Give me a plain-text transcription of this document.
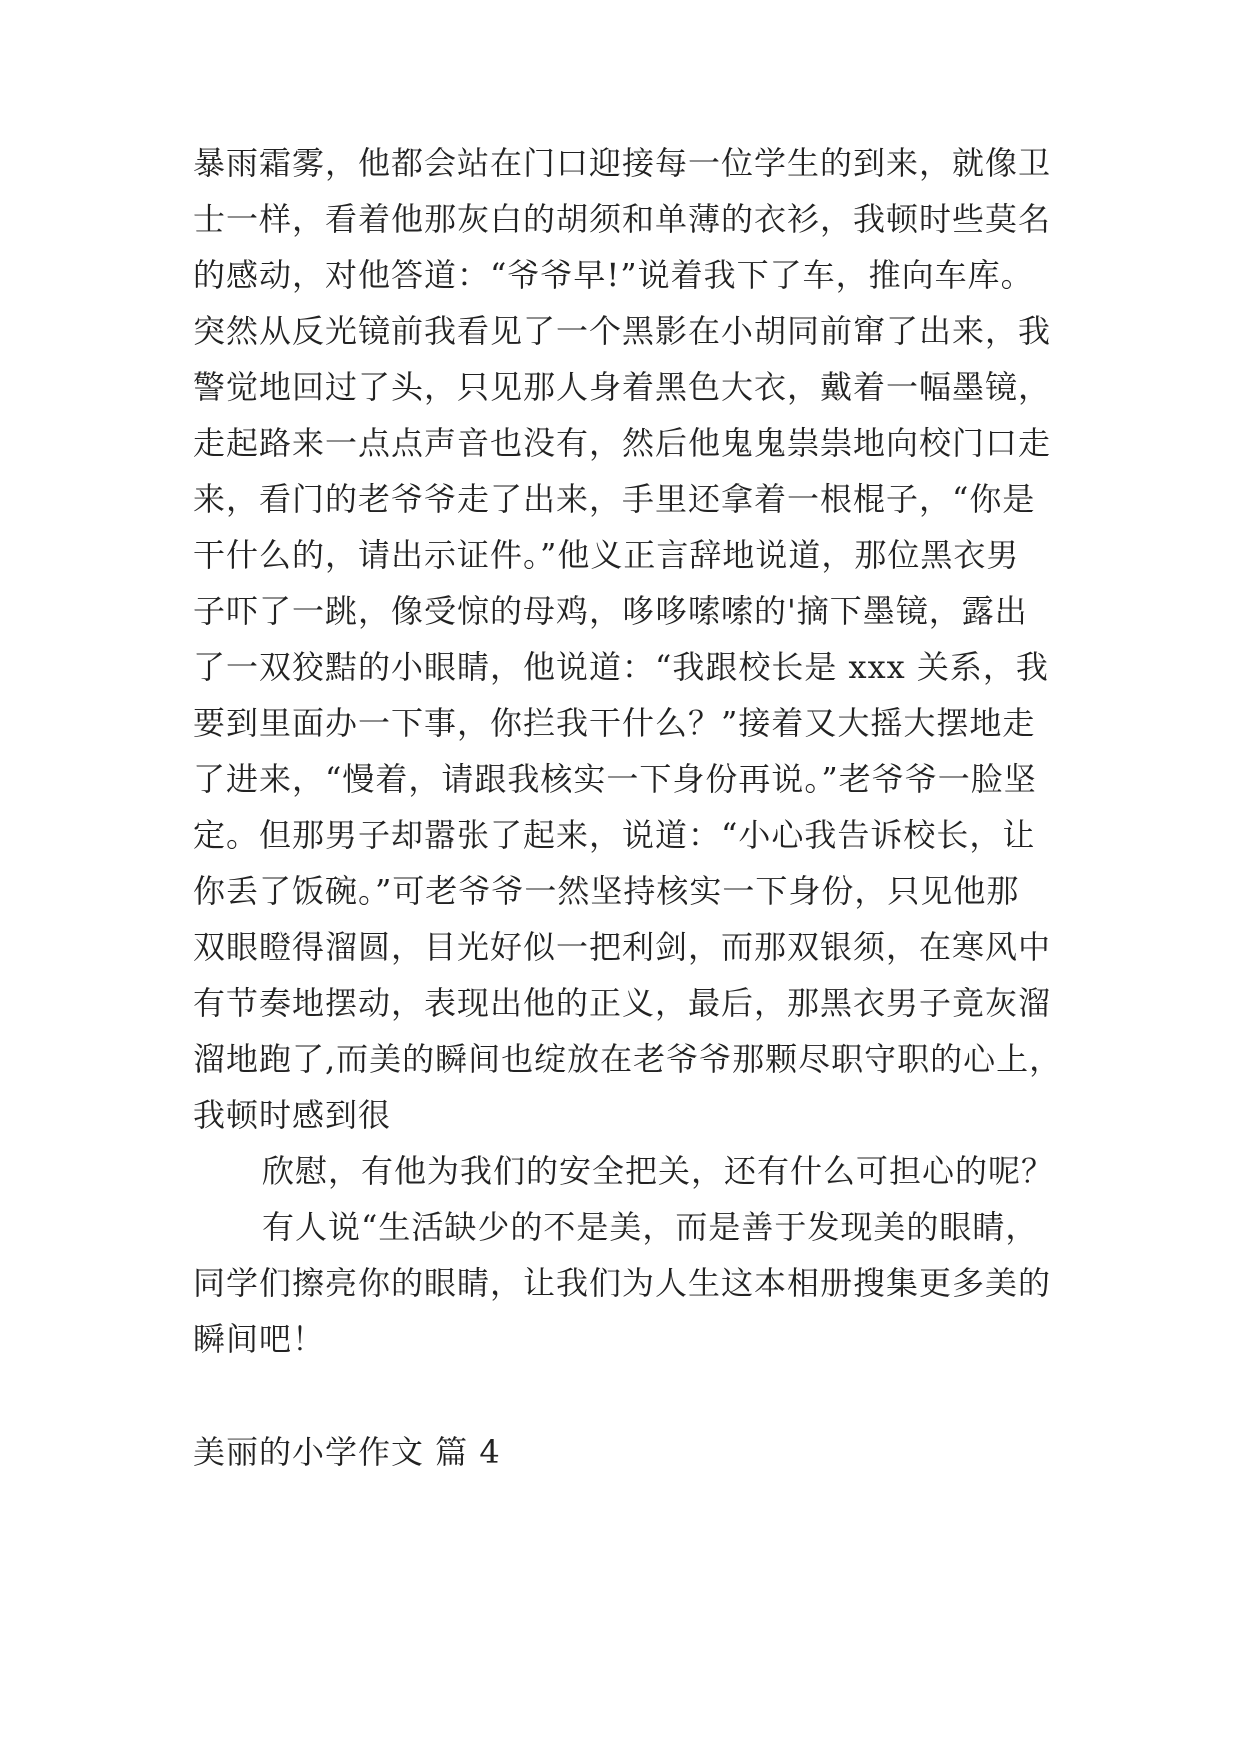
暴雨霜雾，他都会站在门口迎接每一位学生的到来，就像卫
士一样，看着他那灰白的胡须和单薄的衣衫，我顿时些莫名
的感动，对他答道：“爷爷早!”说着我下了车，推向车库。
突然从反光镜前我看见了一个黑影在小胡同前窜了出来，我
警觉地回过了头，只见那人身着黑色大衣，戴着一幅墨镜，
走起路来一点点声音也没有，然后他鬼鬼祟祟地向校门口走
来，看门的老爷爷走了出来，手里还拿着一根棍子，“你是
干什么的，请出示证件。”他义正言辞地说道，那位黑衣男
子吓了一跳，像受惊的母鸡，哆哆嗦嗦的'摘下墨镜，露出
了一双狡黠的小眼睛，他说道：“我跟校长是 xxx 关系，我
要到里面办一下事，你拦我干什么？”接着又大摇大摆地走
了进来，“慢着，请跟我核实一下身份再说。”老爷爷一脸坚
定。但那男子却嚣张了起来，说道：“小心我告诉校长，让
你丢了饭碗。”可老爷爷一然坚持核实一下身份，只见他那
双眼瞪得溜圆，目光好似一把利剑，而那双银须，在寒风中
有节奏地摆动，表现出他的正义，最后，那黑衣男子竟灰溜
溜地跑了,而美的瞬间也绽放在老爷爷那颗尽职守职的心上，
我顿时感到很
欣慰，有他为我们的安全把关，还有什么可担心的呢？
有人说“生活缺少的不是美，而是善于发现美的眼睛，
同学们擦亮你的眼睛，让我们为人生这本相册搜集更多美的
瞬间吧！
美丽的小学作文 篇 4
